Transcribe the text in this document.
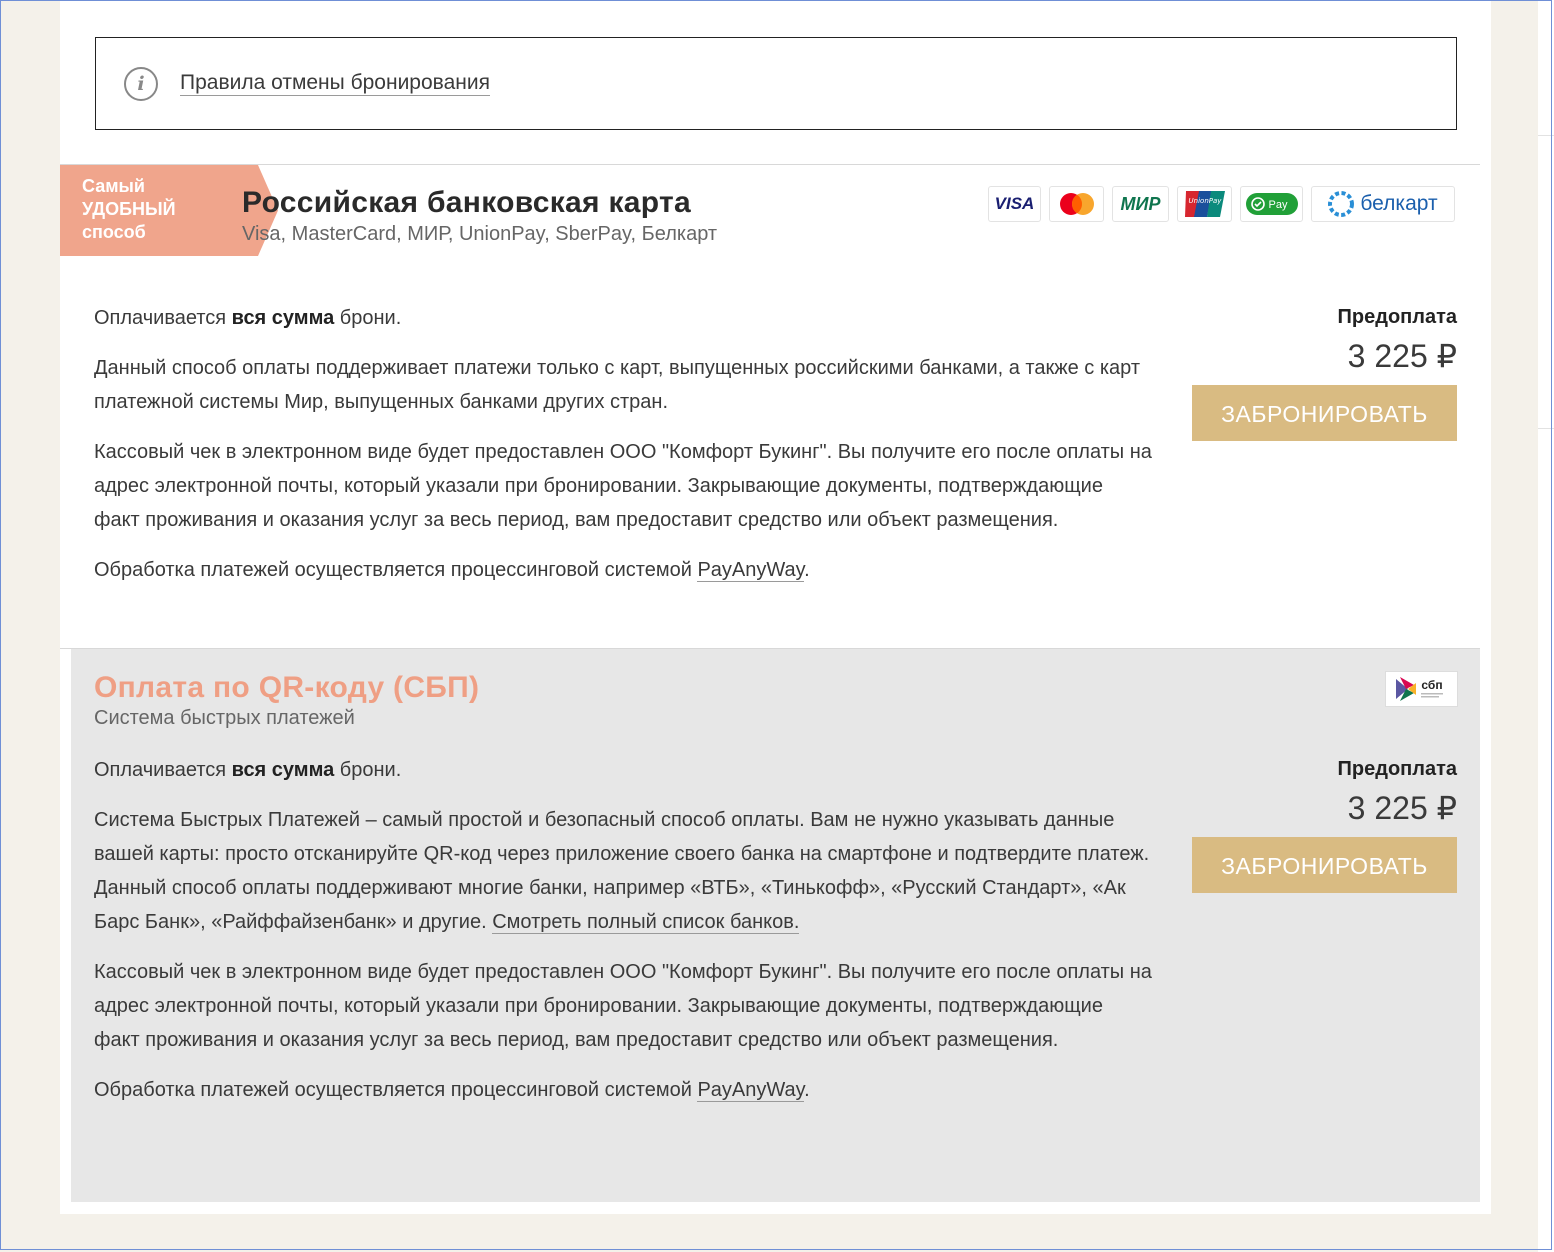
i	Правила отмены бронирования
Самый
УДОБНЫЙ
способ
Российская банковская карта
Visa, MasterCard, МИР, UnionPay, SberPay, Белкарт
VISA	МИР	UnionPay	Pay	белкарт
Оплачивается вся сумма брони.
Данный способ оплаты поддерживает платежи только с карт, выпущенных российскими банками, а также с карт платежной системы Мир, выпущенных банками других стран.
Кассовый чек в электронном виде будет предоставлен ООО "Комфорт Букинг". Вы получите его после оплаты на адрес электронной почты, который указали при бронировании. Закрывающие документы, подтверждающие факт проживания и оказания услуг за весь период, вам предоставит средство или объект размещения.
Обработка платежей осуществляется процессинговой системой PayAnyWay.
Предоплата
3 225 ₽
ЗАБРОНИРОВАТЬ
Оплата по QR-коду (СБП)
Система быстрых платежей
сбп
Оплачивается вся сумма брони.
Система Быстрых Платежей – самый простой и безопасный способ оплаты. Вам не нужно указывать данные вашей карты: просто отсканируйте QR-код через приложение своего банка на смартфоне и подтвердите платеж.
Данный способ оплаты поддерживают многие банки, например «ВТБ», «Тинькофф», «Русский Стандарт», «Ак Барс Банк», «Райффайзенбанк» и другие. Смотреть полный список банков.
Кассовый чек в электронном виде будет предоставлен ООО "Комфорт Букинг". Вы получите его после оплаты на адрес электронной почты, который указали при бронировании. Закрывающие документы, подтверждающие факт проживания и оказания услуг за весь период, вам предоставит средство или объект размещения.
Обработка платежей осуществляется процессинговой системой PayAnyWay.
Предоплата
3 225 ₽
ЗАБРОНИРОВАТЬ
